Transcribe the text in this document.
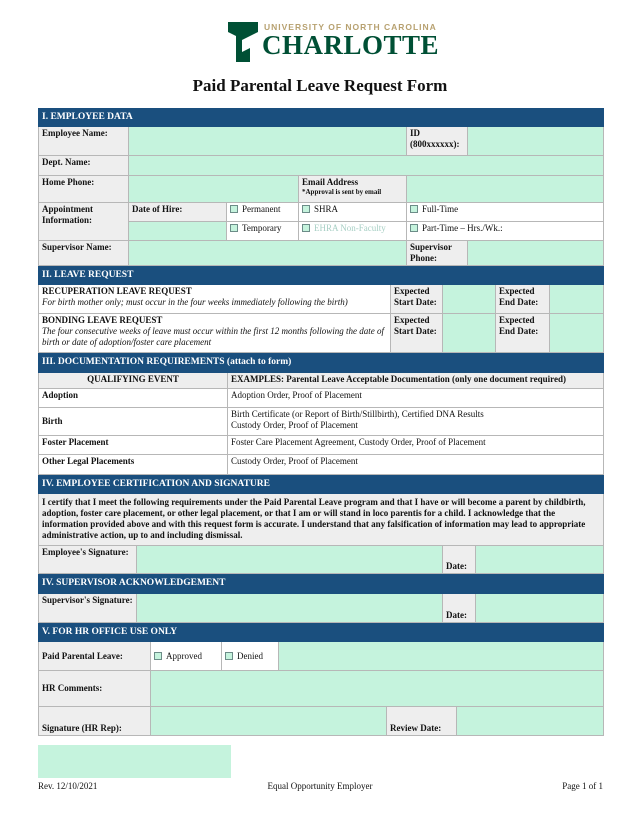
UNIVERSITY OF NORTH CAROLINA
CHARLOTTE
Paid Parental Leave Request Form
I. EMPLOYEE DATA					
Employee Name:				ID (800xxxxxx):	
Dept. Name:					
Home Phone:			Email Address
*Approval is sent by email		

Appointment Information:	Date of Hire:	Permanent	SHRA	Full-Time	
		Temporary	EHRA Non-Faculty	Part-Time – Hrs./Wk.:	
Supervisor Name:				Supervisor Phone:	
II. LEAVE REQUEST				

RECUPERATION LEAVE REQUEST
For birth mother only; must occur in the four weeks immediately following the birth)	Expected Start Date:		Expected End Date:	

BONDING LEAVE REQUEST
The four consecutive weeks of leave must occur within the first 12 months following the date of birth or date of adoption/foster care placement	Expected Start Date:		Expected End Date:	
III. DOCUMENTATION REQUIREMENTS (attach to form)	
QUALIFYING EVENT	EXAMPLES: Parental Leave Acceptable Documentation (only one document required)
Adoption	Adoption Order, Proof of Placement
Birth	Birth Certificate (or Report of Birth/Stillbirth), Certified DNA Results
Custody Order, Proof of Placement

Foster Placement	Foster Care Placement Agreement, Custody Order, Proof of Placement
Other Legal Placements	Custody Order, Proof of Placement
IV. EMPLOYEE CERTIFICATION AND SIGNATURE
I certify that I meet the following requirements under the Paid Parental Leave program and that I have or will become a parent by childbirth, adoption, foster care placement, or other legal placement, or that I am or will stand in loco parentis for a child. I acknowledge that the information provided above and with this request form is accurate. I understand that any falsification of information may lead to appropriate administrative action, up to and including dismissal.
Employee's Signature:		Date:	
IV. SUPERVISOR ACKNOWLEDGEMENT
Supervisor's Signature:		Date:	
V. FOR HR OFFICE USE ONLY					
Paid Parental Leave:	Approved	Denied			
HR Comments:					
Signature (HR Rep):				Review Date:	
Rev. 12/10/2021	Equal Opportunity Employer	Page 1 of 1
